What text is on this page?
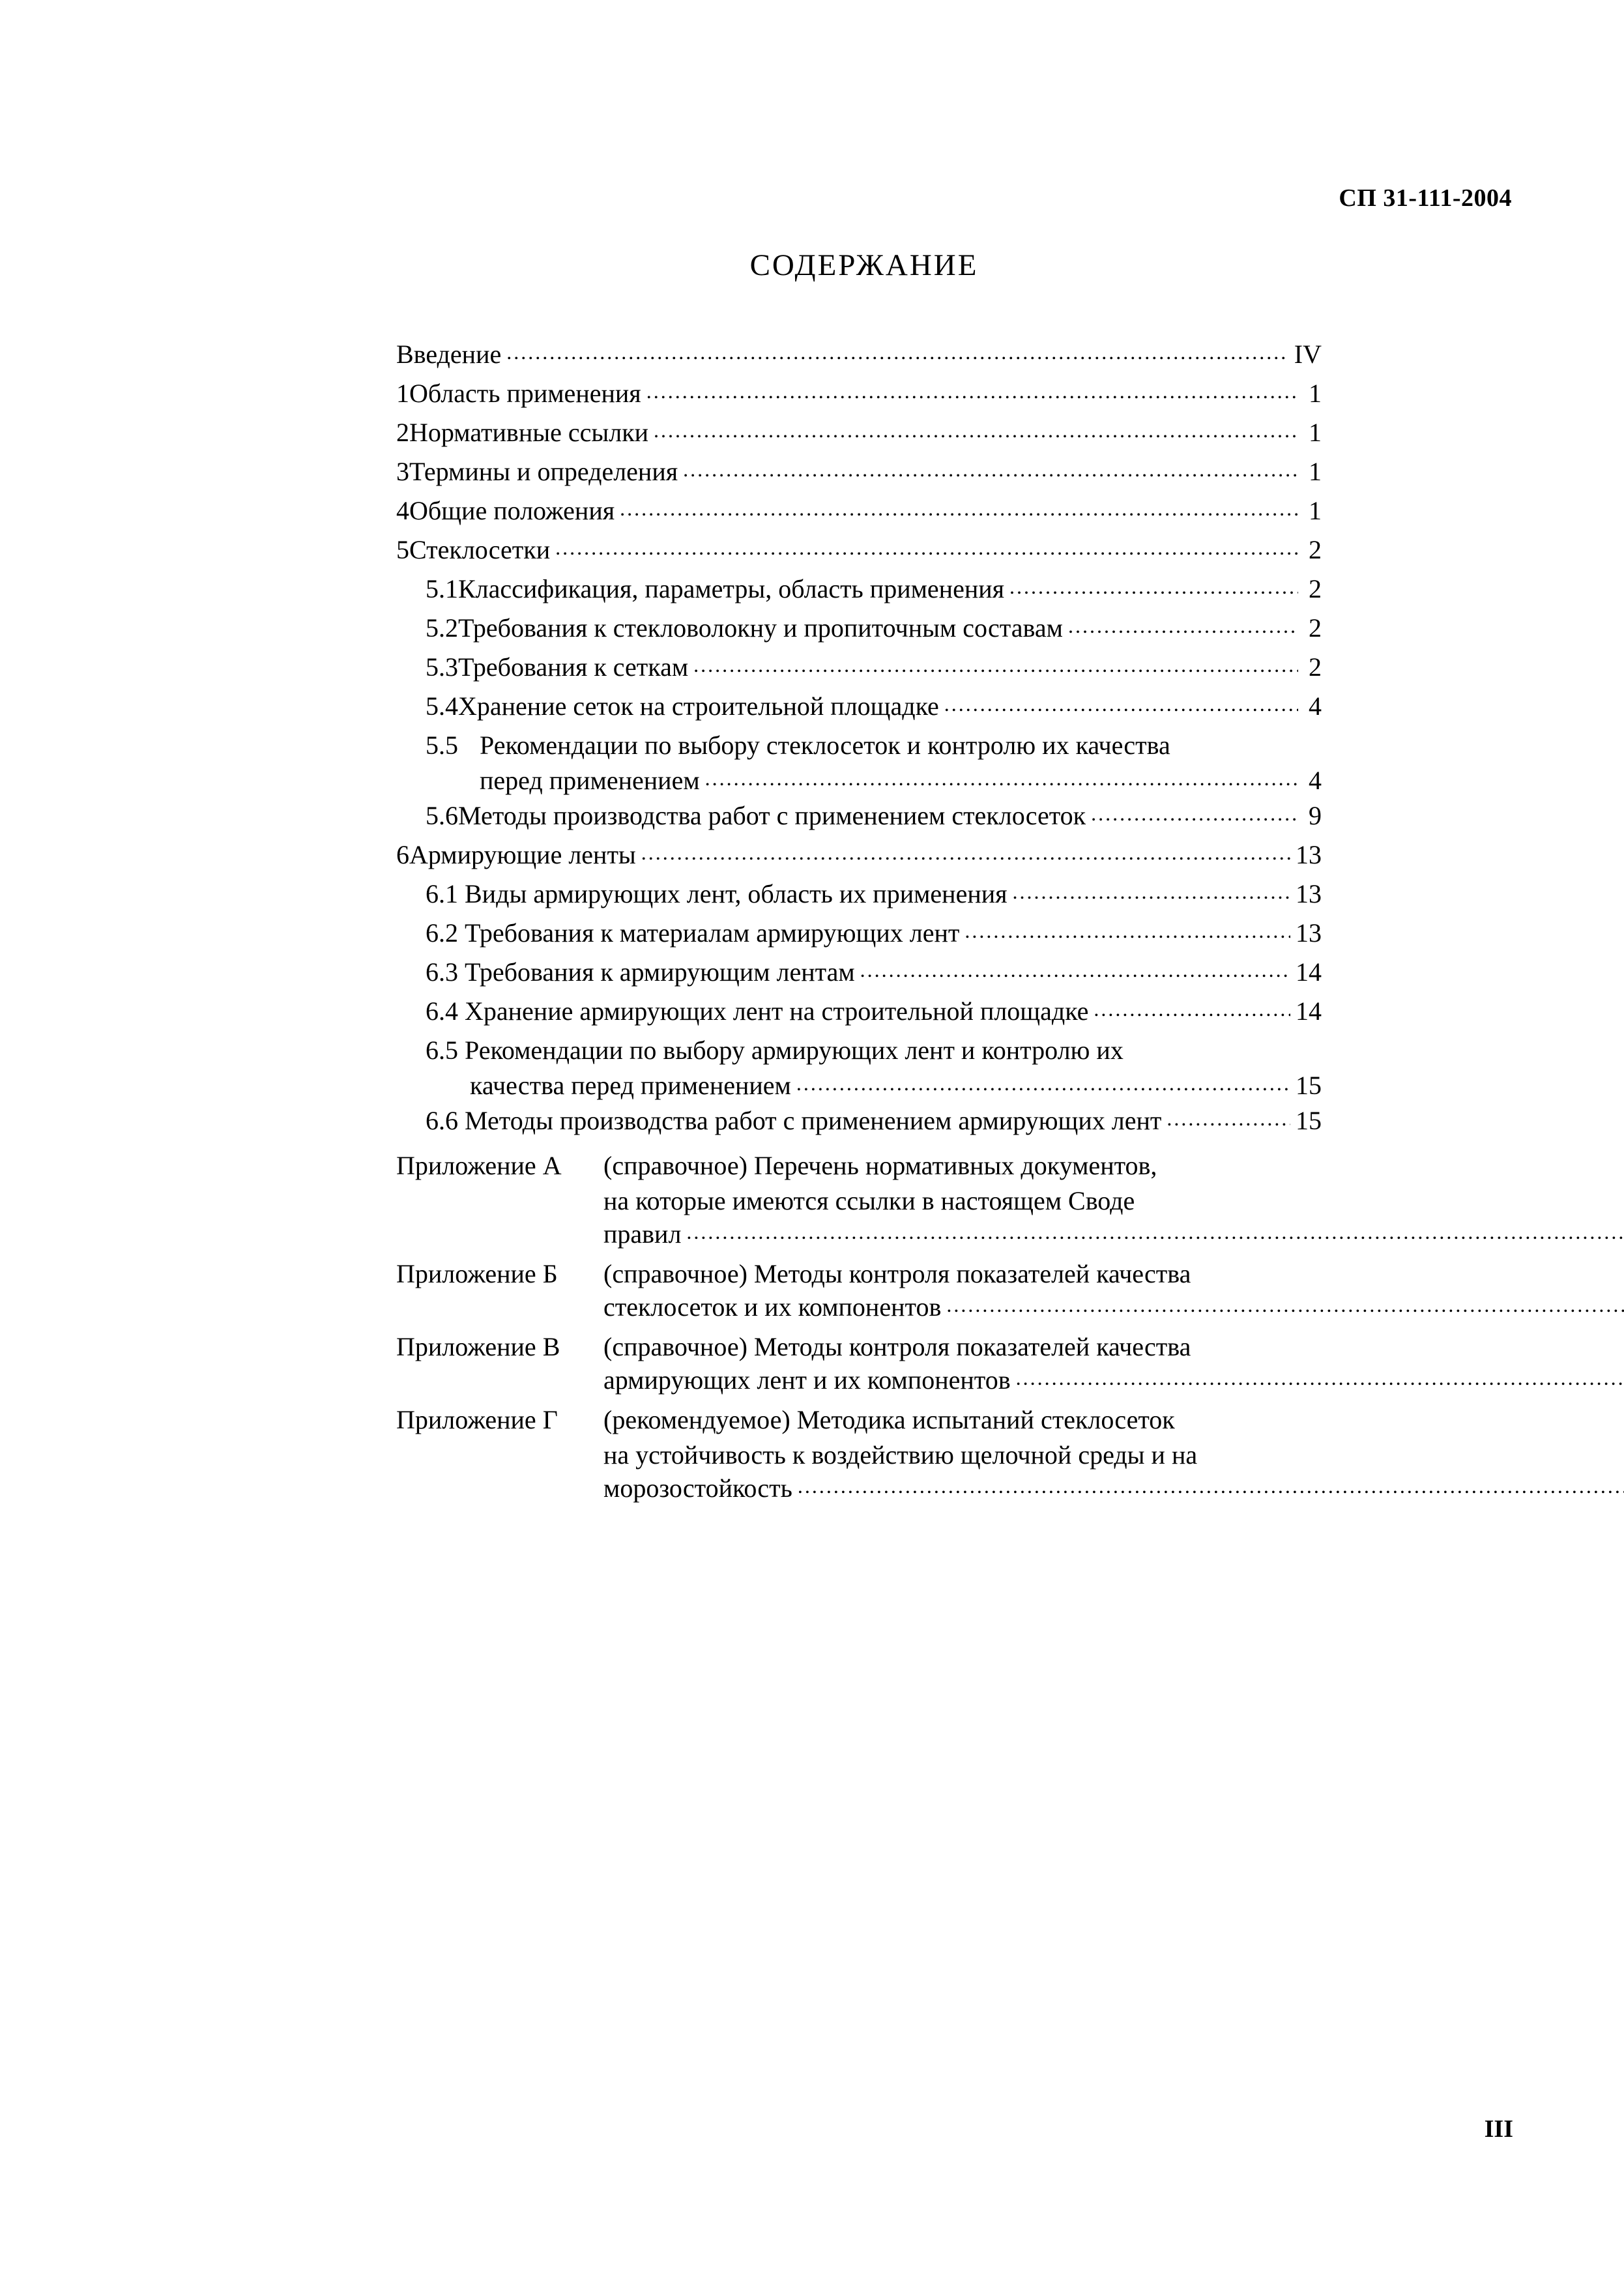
СП 31-111-2004
СОДЕРЖАНИЕ
Введение .....	IV
1 Область применения .....	1
2 Нормативные ссылки .....	1
3 Термины и определения .....	1
4 Общие положения .....	1
5 Стеклосетки .....	2
5.1 Классификация, параметры, область применения .....	2
5.2 Требования к стекловолокну и пропиточным составам .....	2
5.3 Требования к сеткам .....	2
5.4 Хранение сеток на строительной площадке .....	4
5.5 Рекомендации по выбору стеклосеток и контролю их качества
перед применением .....	4
5.6 Методы производства работ с применением стеклосеток .....	9
6 Армирующие ленты .....	13
6.1 Виды армирующих лент, область их применения .....	13
6.2 Требования к материалам армирующих лент .....	13
6.3 Требования к армирующим лентам .....	14
6.4 Хранение армирующих лент на строительной площадке .....	14
6.5 Рекомендации по выбору армирующих лент и контролю их
качества перед применением .....	15
6.6 Методы производства работ с применением армирующих лент .....	15
Приложение А	(справочное) Перечень нормативных документов,
на которые имеются ссылки в настоящем Своде
правил
.....
Приложение Б	(справочное) Методы контроля показателей качества
стеклосеток и их компонентов
.....
Приложение В	(справочное) Методы контроля показателей качества
армирующих лент и их компонентов
.....
Приложение Г	(рекомендуемое) Методика испытаний стеклосеток
на устойчивость к воздействию щелочной среды и на
морозостойкость
.....
III
